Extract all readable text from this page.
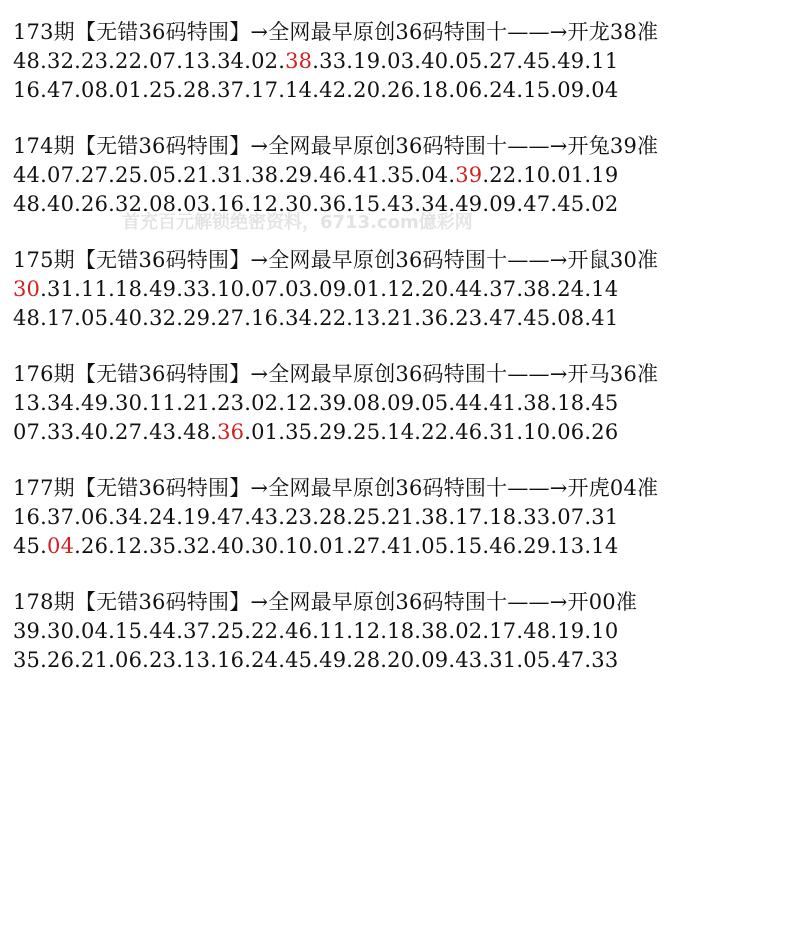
173期【无错36码特围】→全网最早原创36码特围十——→开龙38准
48.32.23.22.07.13.34.02.38.33.19.03.40.05.27.45.49.11
16.47.08.01.25.28.37.17.14.42.20.26.18.06.24.15.09.04
174期【无错36码特围】→全网最早原创36码特围十——→开兔39准
44.07.27.25.05.21.31.38.29.46.41.35.04.39.22.10.01.19
48.40.26.32.08.03.16.12.30.36.15.43.34.49.09.47.45.02
175期【无错36码特围】→全网最早原创36码特围十——→开鼠30准
30.31.11.18.49.33.10.07.03.09.01.12.20.44.37.38.24.14
48.17.05.40.32.29.27.16.34.22.13.21.36.23.47.45.08.41
176期【无错36码特围】→全网最早原创36码特围十——→开马36准
13.34.49.30.11.21.23.02.12.39.08.09.05.44.41.38.18.45
07.33.40.27.43.48.36.01.35.29.25.14.22.46.31.10.06.26
177期【无错36码特围】→全网最早原创36码特围十——→开虎04准
16.37.06.34.24.19.47.43.23.28.25.21.38.17.18.33.07.31
45.04.26.12.35.32.40.30.10.01.27.41.05.15.46.29.13.14
178期【无错36码特围】→全网最早原创36码特围十——→开00准
39.30.04.15.44.37.25.22.46.11.12.18.38.02.17.48.19.10
35.26.21.06.23.13.16.24.45.49.28.20.09.43.31.05.47.33
首充百元解锁绝密资料，6713.com億彩网
